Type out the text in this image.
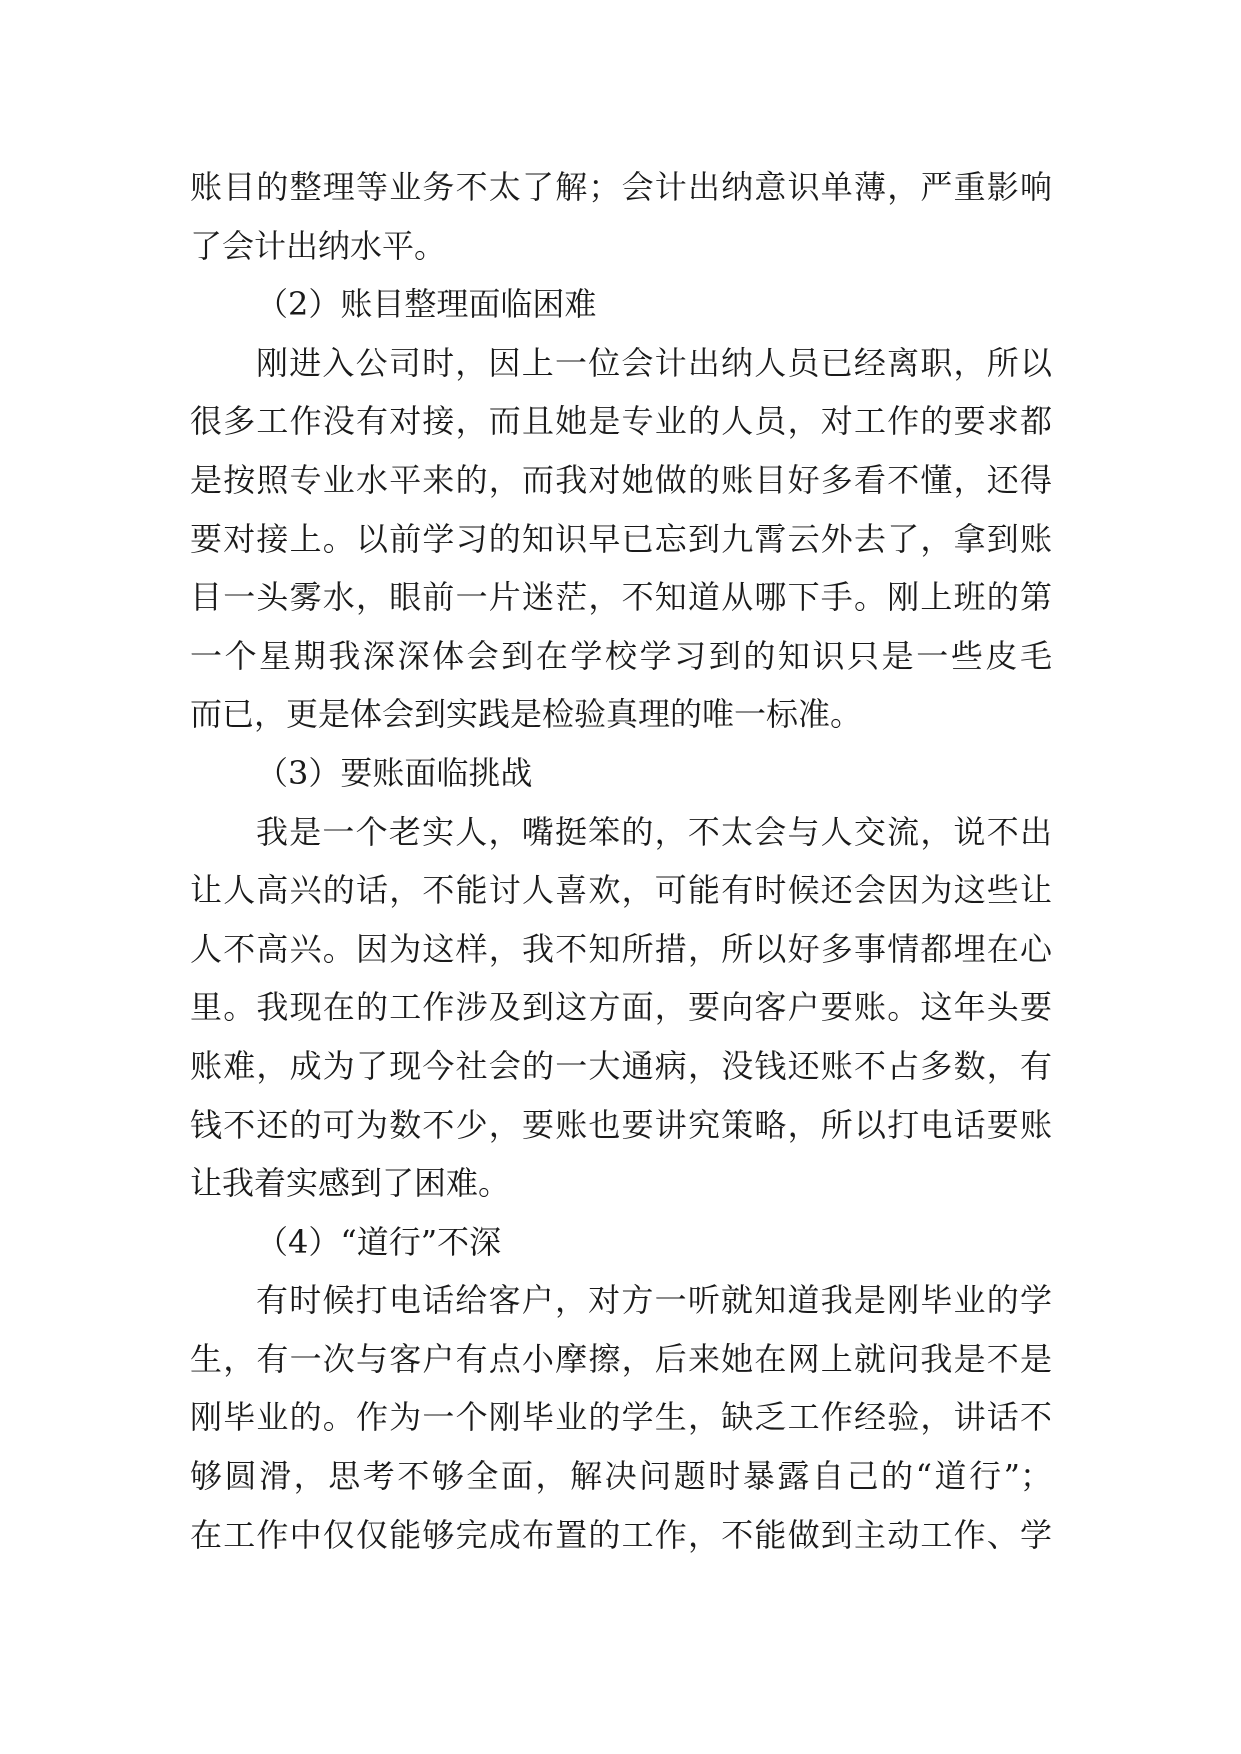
账目的整理等业务不太了解；会计出纳意识单薄，严重影响
了会计出纳水平。
（2）账目整理面临困难
刚进入公司时，因上一位会计出纳人员已经离职，所以
很多工作没有对接，而且她是专业的人员，对工作的要求都
是按照专业水平来的，而我对她做的账目好多看不懂，还得
要对接上。以前学习的知识早已忘到九霄云外去了，拿到账
目一头雾水，眼前一片迷茫，不知道从哪下手。刚上班的第
一个星期我深深体会到在学校学习到的知识只是一些皮毛
而已，更是体会到实践是检验真理的唯一标准。
（3）要账面临挑战
我是一个老实人，嘴挺笨的，不太会与人交流，说不出
让人高兴的话，不能讨人喜欢，可能有时候还会因为这些让
人不高兴。因为这样，我不知所措，所以好多事情都埋在心
里。我现在的工作涉及到这方面，要向客户要账。这年头要
账难，成为了现今社会的一大通病，没钱还账不占多数，有
钱不还的可为数不少，要账也要讲究策略，所以打电话要账
让我着实感到了困难。
（4）“道行”不深
有时候打电话给客户，对方一听就知道我是刚毕业的学
生，有一次与客户有点小摩擦，后来她在网上就问我是不是
刚毕业的。作为一个刚毕业的学生，缺乏工作经验，讲话不
够圆滑，思考不够全面，解决问题时暴露自己的“道行”；
在工作中仅仅能够完成布置的工作，不能做到主动工作、学
